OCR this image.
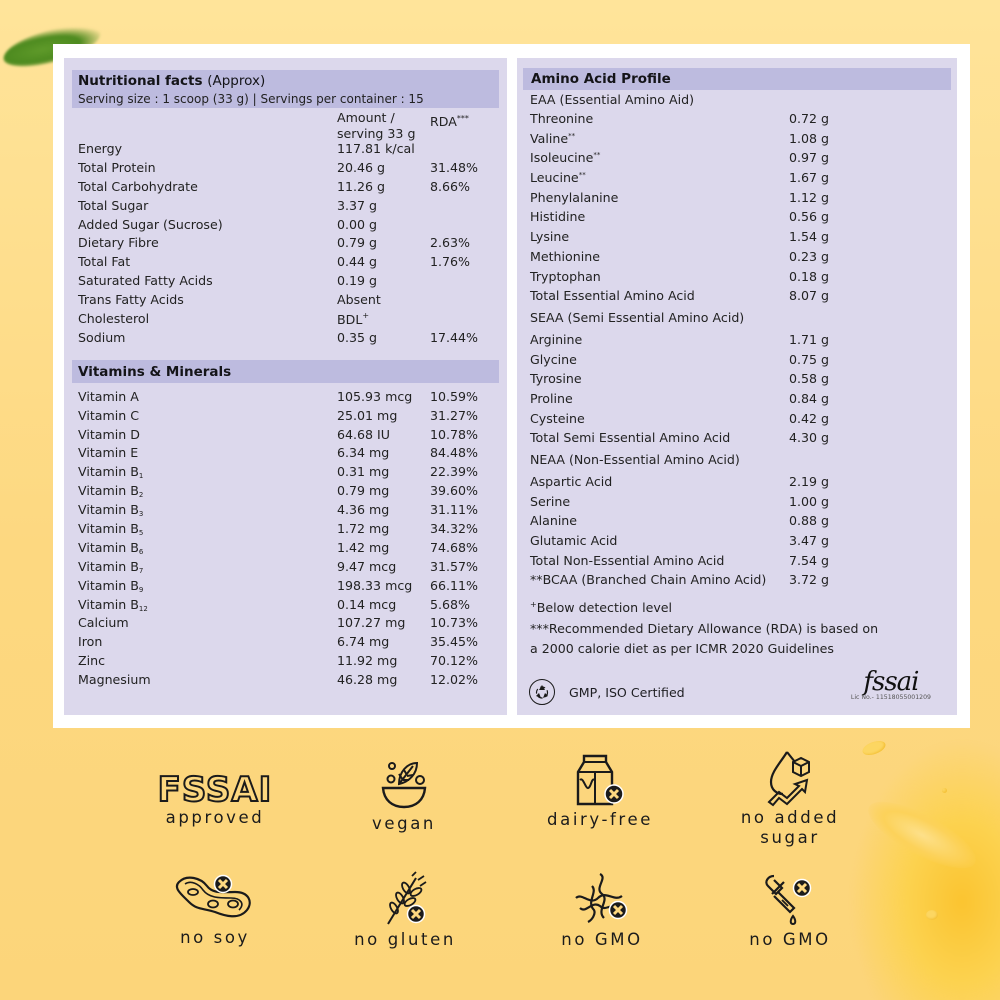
Nutritional facts (Approx)
Serving size : 1 scoop (33 g) | Servings per container : 15
Amount /
serving 33 g
RDA***
Energy	117.81 k/cal
Total Protein	20.46 g	31.48%
Total Carbohydrate	11.26 g	8.66%
Total Sugar	3.37 g
Added Sugar (Sucrose)	0.00 g
Dietary Fibre	0.79 g	2.63%
Total Fat	0.44 g	1.76%
Saturated Fatty Acids	0.19 g
Trans Fatty Acids	Absent
Cholesterol	BDL+
Sodium	0.35 g	17.44%
Vitamins & Minerals
Vitamin A	105.93 mcg 10.59%
Vitamin C	25.01 mg	31.27%
Vitamin D	64.68 IU	10.78%
Vitamin E	6.34 mg	84.48%
Vitamin $B_1$	0.31 mg	22.39%
Vitamin $B_2$	0.79 mg	39.60%
Vitamin $B_3$	4.36 mg	31.11%
Vitamin $B_5$	1.72 mg	34.32%
Vitamin $B_6$	1.42 mg	74.68%
Vitamin $B_7$	9.47 mcg	31.57%
Vitamin $B_9$	198.33 mcg 66.11%
Vitamin $B_{12}$	0.14 mcg	5.68%
Calcium	107.27 mg 10.73%
Iron	6.74 mg	35.45%
Zinc	11.92 mg	70.12%
Magnesium	46.28 mg	12.02%
Amino Acid Profile
EAA (Essential Amino Aid)
Threonine	0.72 g
Valine**	1.08 g
Isoleucine**	0.97 g
Leucine**	1.67 g
Phenylalanine	1.12 g
Histidine	0.56 g
Lysine	1.54 g
Methionine	0.23 g
Tryptophan	0.18 g
Total Essential Amino Acid	8.07 g
SEAA (Semi Essential Amino Acid)
Arginine	1.71 g
Glycine	0.75 g
Tyrosine	0.58 g
Proline	0.84 g
Cysteine	0.42 g
Total Semi Essential Amino Acid	4.30 g
NEAA (Non-Essential Amino Acid)
Aspartic Acid	2.19 g
Serine	1.00 g
Alanine	0.88 g
Glutamic Acid	3.47 g
Total Non-Essential Amino Acid	7.54 g
**BCAA (Branched Chain Amino Acid) 3.72 g
+Below detection level
***Recommended Dietary Allowance (RDA) is based on
a 2000 calorie diet as per ICMR 2020 Guidelines
GMP, ISO Certified	fssai
Lic No.- 11518055001209
FSSAI
approved	vegan	dairy-free	no added
sugar
no soy	no gluten	no GMO	no GMO
